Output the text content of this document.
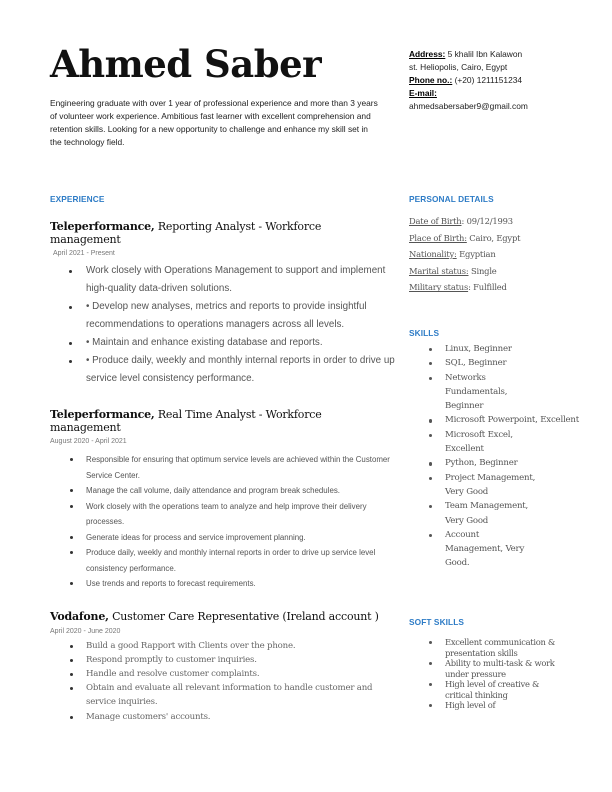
Ahmed Saber
Engineering graduate with over 1 year of professional experience and more than 3 years of volunteer work experience. Ambitious fast learner with excellent comprehension and retention skills. Looking for a new opportunity to challenge and enhance my skill set in the technology field.
Address: 5 khalil Ibn Kalawon
st. Heliopolis, Cairo, Egypt
Phone no.: (+20) 1211151234
E-mail:
ahmedsabersaber9@gmail.com
EXPERIENCE
Teleperformance, Reporting Analyst - Workforce management
April 2021 - Present
Work closely with Operations Management to support and implement high-quality data-driven solutions.
• Develop new analyses, metrics and reports to provide insightful recommendations to operations managers across all levels.
• Maintain and enhance existing database and reports.
• Produce daily, weekly and monthly internal reports in order to drive up service level consistency performance.
Teleperformance, Real Time Analyst - Workforce management
August 2020 - April 2021
Responsible for ensuring that optimum service levels are achieved within the Customer Service Center.
Manage the call volume, daily attendance and program break schedules.
Work closely with the operations team to analyze and help improve their delivery processes.
Generate ideas for process and service improvement planning.
Produce daily, weekly and monthly internal reports in order to drive up service level consistency performance.
Use trends and reports to forecast requirements.
Vodafone, Customer Care Representative (Ireland account )
April 2020 - June 2020
Build a good Rapport with Clients over the phone.
Respond promptly to customer inquiries.
Handle and resolve customer complaints.
Obtain and evaluate all relevant information to handle customer and service inquiries.
Manage customers' accounts.
PERSONAL DETAILS
Date of Birth: 09/12/1993
Place of Birth: Cairo, Egypt
Nationality: Egyptian
Marital status: Single
Military status: Fulfilled
SKILLS
Linux, Beginner
SQL, Beginner
Networks Fundamentals, Beginner
Microsoft Powerpoint, Excellent
Microsoft Excel, Excellent
Python, Beginner
Project Management, Very Good
Team Management, Very Good
Account Management, Very Good.
SOFT SKILLS
Excellent communication & presentation skills
Ability to multi-task & work under pressure
High level of creative & critical thinking
High level of
